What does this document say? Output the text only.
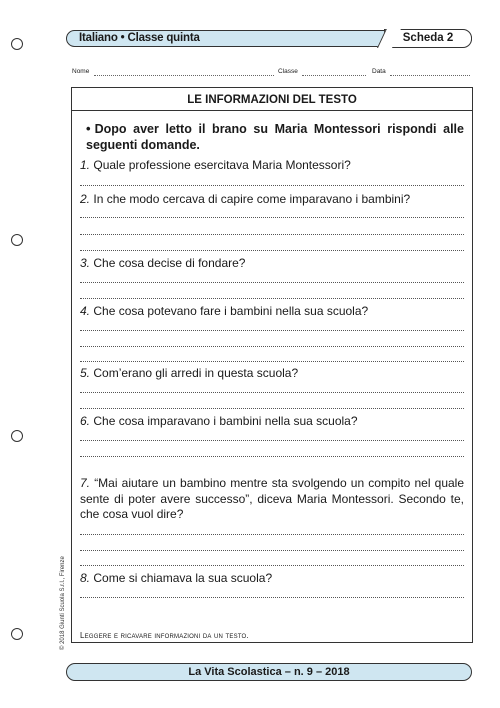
Italiano • Classe quinta	Scheda 2
Nome	Classe	Data
LE INFORMAZIONI DEL TESTO
• Dopo aver letto il brano su Maria Montessori rispondi alle seguenti domande.
1. Quale professione esercitava Maria Montessori?
2. In che modo cercava di capire come imparavano i bambini?
3. Che cosa decise di fondare?
4. Che cosa potevano fare i bambini nella sua scuola?
5. Com’erano gli arredi in questa scuola?
6. Che cosa imparavano i bambini nella sua scuola?
7. “Mai aiutare un bambino mentre sta svolgendo un compito nel quale sente di poter avere successo”, diceva Maria Montessori. Secondo te, che cosa vuol dire?
8. Come si chiamava la sua scuola?
Leggere e ricavare informazioni da un testo.
© 2018 Giunti Scuola S.r.l., Firenze
La Vita Scolastica – n. 9 – 2018
